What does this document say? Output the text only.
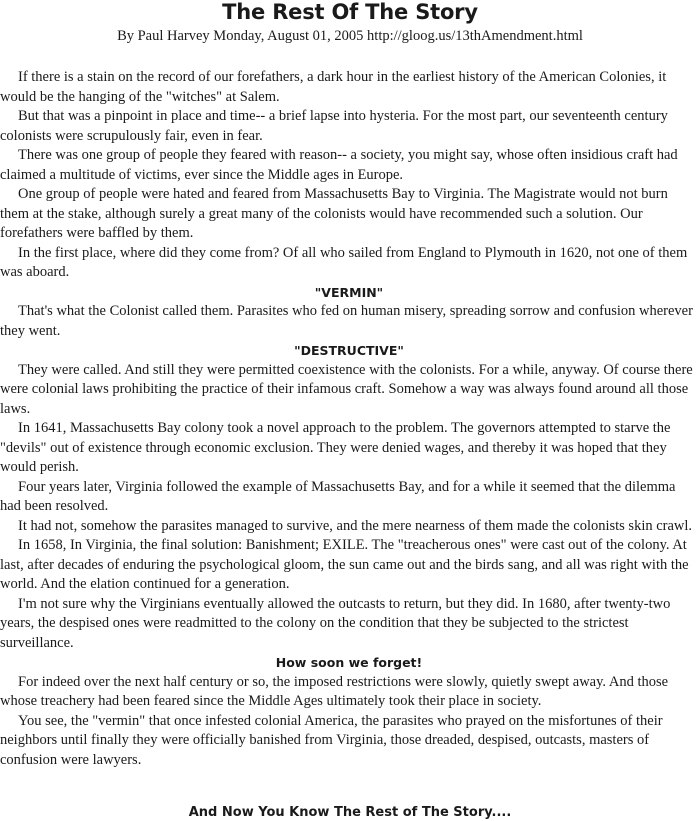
The Rest Of The Story
By Paul Harvey Monday, August 01, 2005 http://gloog.us/13thAmendment.html

If there is a stain on the record of our forefathers, a dark hour in the earliest history of the American Colonies, it would be the hanging of the "witches" at Salem.

But that was a pinpoint in place and time-- a brief lapse into hysteria. For the most part, our seventeenth century colonists were scrupulously fair, even in fear.

There was one group of people they feared with reason-- a society, you might say, whose often insidious craft had claimed a multitude of victims, ever since the Middle ages in Europe.

One group of people were hated and feared from Massachusetts Bay to Virginia. The Magistrate would not burn them at the stake, although surely a great many of the colonists would have recommended such a solution. Our forefathers were baffled by them.

In the first place, where did they come from? Of all who sailed from England to Plymouth in 1620, not one of them was aboard.

"VERMIN"

That's what the Colonist called them. Parasites who fed on human misery, spreading sorrow and confusion wherever they went.

"DESTRUCTIVE"

They were called. And still they were permitted coexistence with the colonists. For a while, anyway. Of course there were colonial laws prohibiting the practice of their infamous craft. Somehow a way was always found around all those laws.

In 1641, Massachusetts Bay colony took a novel approach to the problem. The governors attempted to starve the "devils" out of existence through economic exclusion. They were denied wages, and thereby it was hoped that they would perish.

Four years later, Virginia followed the example of Massachusetts Bay, and for a while it seemed that the dilemma had been resolved.

It had not, somehow the parasites managed to survive, and the mere nearness of them made the colonists skin crawl.

In 1658, In Virginia, the final solution: Banishment; EXILE. The "treacherous ones" were cast out of the colony. At last, after decades of enduring the psychological gloom, the sun came out and the birds sang, and all was right with the world. And the elation continued for a generation.

I'm not sure why the Virginians eventually allowed the outcasts to return, but they did. In 1680, after twenty-two years, the despised ones were readmitted to the colony on the condition that they be subjected to the strictest surveillance.

How soon we forget!

For indeed over the next half century or so, the imposed restrictions were slowly, quietly swept away. And those whose treachery had been feared since the Middle Ages ultimately took their place in society.

You see, the "vermin" that once infested colonial America, the parasites who prayed on the misfortunes of their neighbors until finally they were officially banished from Virginia, those dreaded, despised, outcasts, masters of confusion were lawyers.

And Now You Know The Rest of The Story....
